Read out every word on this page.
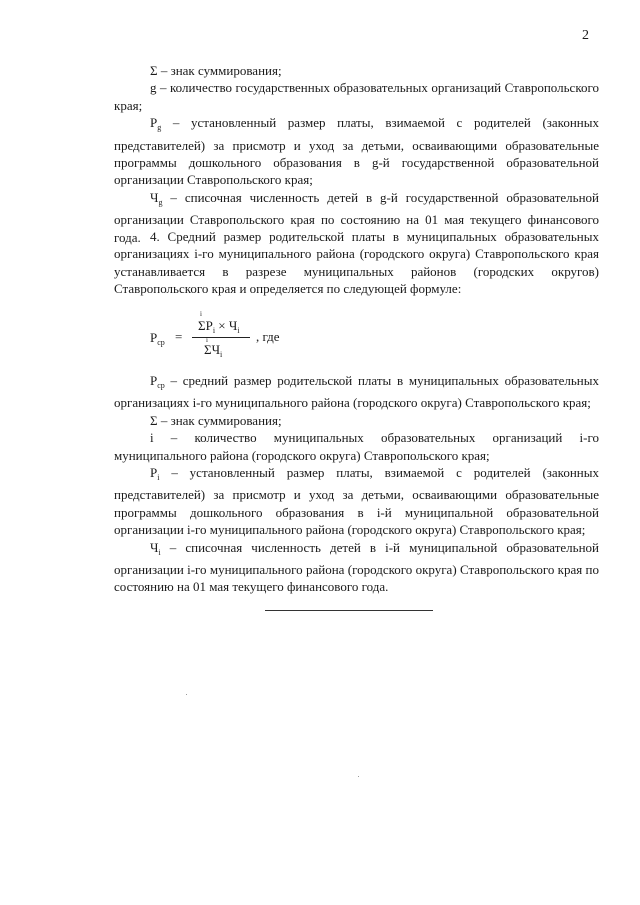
2

Σ – знак суммирования;

g – количество государственных образовательных организаций Ставропольского края;

$P_g$ – установленный размер платы, взимаемой с родителей (законных представителей) за присмотр и уход за детьми, осваивающими образовательные программы дошкольного образования в g-й государственной образовательной организации Ставропольского края;

$Ч_g$ – списочная численность детей в g-й государственной образовательной организации Ставропольского края по состоянию на 01 мая текущего финансового года. 4. Средний размер родительской платы в муниципальных образовательных организациях i-го муниципального района (городского округа) Ставропольского края устанавливается в разрезе муниципальных районов (городских округов) Ставропольского края и определяется по следующей формуле:

$P_{ср}$ =
i
$\Sigma P_i \times Ч_i$
i
$\Sigma Ч_i$
, где

$P_{ср}$ – средний размер родительской платы в муниципальных образовательных организациях i-го муниципального района (городского округа) Ставропольского края;

Σ – знак суммирования;

i – количество муниципальных образовательных организаций i-го муниципального района (городского округа) Ставропольского края;

$P_i$ – установленный размер платы, взимаемой с родителей (законных представителей) за присмотр и уход за детьми, осваивающими образовательные программы дошкольного образования в i-й муниципальной образовательной организации i-го муниципального района (городского округа) Ставропольского края;

$Ч_i$ – списочная численность детей в i-й муниципальной образовательной организации i-го муниципального района (городского округа) Ставропольского края по состоянию на 01 мая текущего финансового года.
